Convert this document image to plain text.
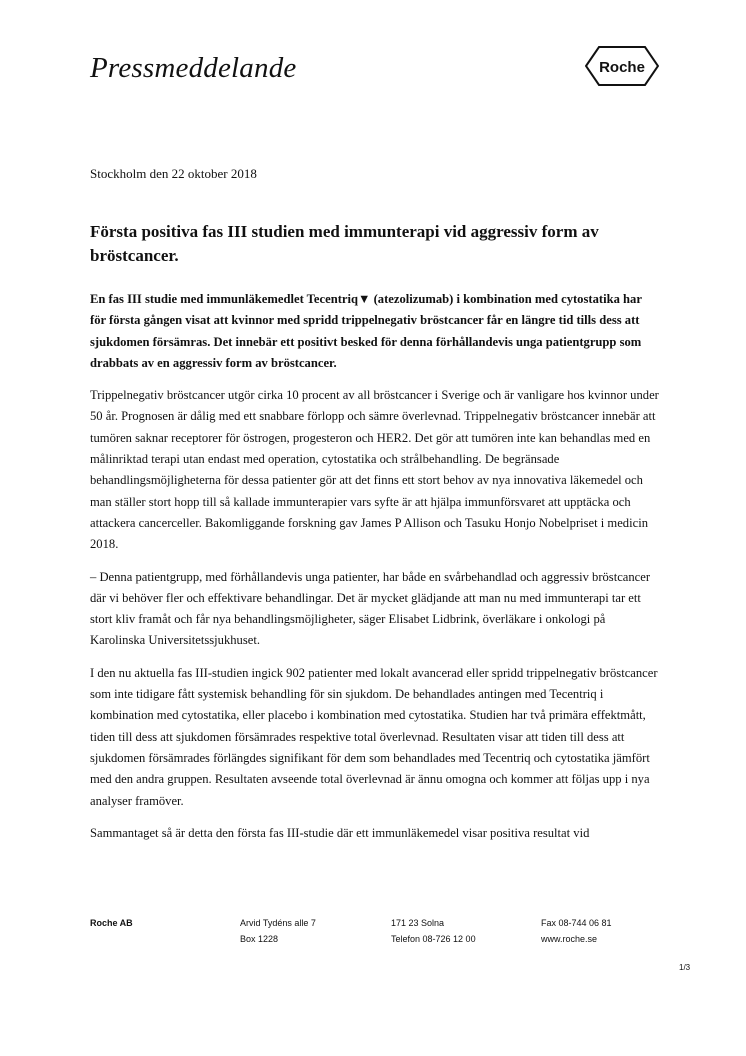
Pressmeddelande	Roche
Stockholm den 22 oktober 2018
Första positiva fas III studien med immunterapi vid aggressiv form av bröstcancer.

En fas III studie med immunläkemedlet Tecentriq▼ (atezolizumab) i kombination med cytostatika har för första gången visat att kvinnor med spridd trippelnegativ bröstcancer får en längre tid tills dess att sjukdomen försämras. Det innebär ett positivt besked för denna förhållandevis unga patientgrupp som drabbats av en aggressiv form av bröstcancer.

Trippelnegativ bröstcancer utgör cirka 10 procent av all bröstcancer i Sverige och är vanligare hos kvinnor under 50 år. Prognosen är dålig med ett snabbare förlopp och sämre överlevnad. Trippelnegativ bröstcancer innebär att tumören saknar receptorer för östrogen, progesteron och HER2. Det gör att tumören inte kan behandlas med en målinriktad terapi utan endast med operation, cytostatika och strålbehandling. De begränsade behandlingsmöjligheterna för dessa patienter gör att det finns ett stort behov av nya innovativa läkemedel och man ställer stort hopp till så kallade immunterapier vars syfte är att hjälpa immunförsvaret att upptäcka och attackera cancerceller. Bakomliggande forskning gav James P Allison och Tasuku Honjo Nobelpriset i medicin 2018.

– Denna patientgrupp, med förhållandevis unga patienter, har både en svårbehandlad och aggressiv bröstcancer där vi behöver fler och effektivare behandlingar. Det är mycket glädjande att man nu med immunterapi tar ett stort kliv framåt och får nya behandlingsmöjligheter, säger Elisabet Lidbrink, överläkare i onkologi på Karolinska Universitetssjukhuset.

I den nu aktuella fas III-studien ingick 902 patienter med lokalt avancerad eller spridd trippelnegativ bröstcancer som inte tidigare fått systemisk behandling för sin sjukdom. De behandlades antingen med Tecentriq i kombination med cytostatika, eller placebo i kombination med cytostatika. Studien har två primära effektmått, tiden till dess att sjukdomen försämrades respektive total överlevnad. Resultaten visar att tiden till dess att sjukdomen försämrades förlängdes signifikant för dem som behandlades med Tecentriq och cytostatika jämfört med den andra gruppen. Resultaten avseende total överlevnad är ännu omogna och kommer att följas upp i nya analyser framöver.

Sammantaget så är detta den första fas III-studie där ett immunläkemedel visar positiva resultat vid

Roche AB	Arvid Tydéns alle 7
Box 1228
171 23 Solna
Telefon 08-726 12 00
Fax 08-744 06 81
www.roche.se
1/3
